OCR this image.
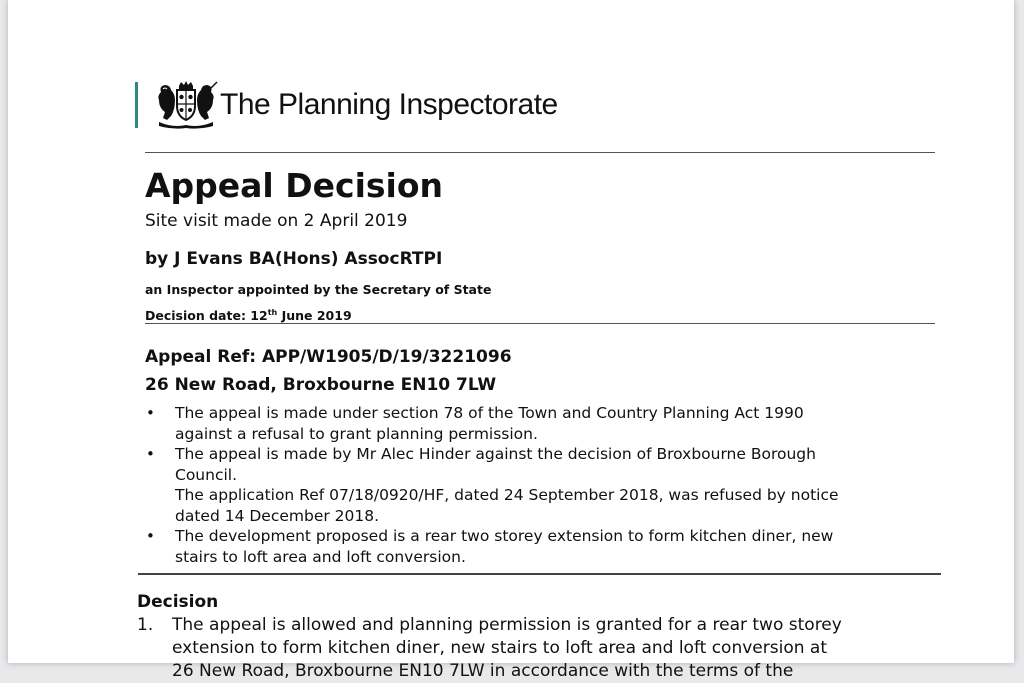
The Planning Inspectorate
Appeal Decision
Site visit made on 2 April 2019
by J Evans BA(Hons) AssocRTPI
an Inspector appointed by the Secretary of State
Decision date: 12th June 2019
Appeal Ref: APP/W1905/D/19/3221096
26 New Road, Broxbourne EN10 7LW
• The appeal is made under section 78 of the Town and Country Planning Act 1990
against a refusal to grant planning permission.
• The appeal is made by Mr Alec Hinder against the decision of Broxbourne Borough
Council.
The application Ref 07/18/0920/HF, dated 24 September 2018, was refused by notice
dated 14 December 2018.
• The development proposed is a rear two storey extension to form kitchen diner, new
stairs to loft area and loft conversion.
Decision
1.	The appeal is allowed and planning permission is granted for a rear two storey
extension to form kitchen diner, new stairs to loft area and loft conversion at
26 New Road, Broxbourne EN10 7LW in accordance with the terms of the
